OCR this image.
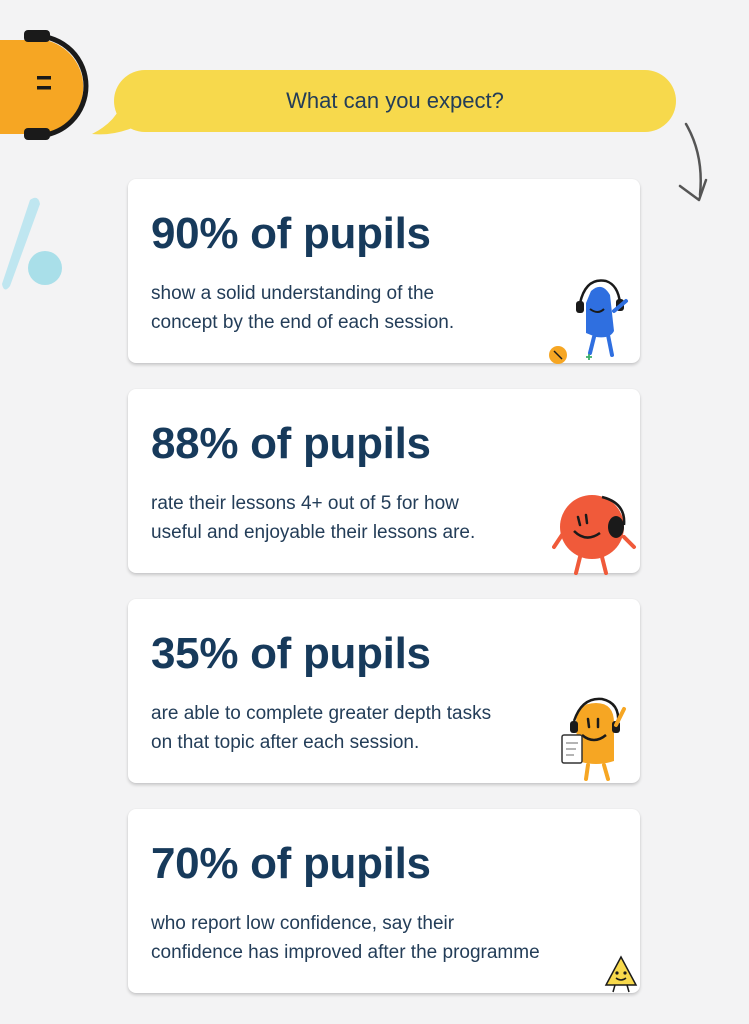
What can you expect?
90% of pupils
show a solid understanding of the
concept by the end of each session.
88% of pupils
rate their lessons 4+ out of 5 for how
useful and enjoyable their lessons are.
35% of pupils
are able to complete greater depth tasks
on that topic after each session.
70% of pupils
who report low confidence, say their
confidence has improved after the programme
